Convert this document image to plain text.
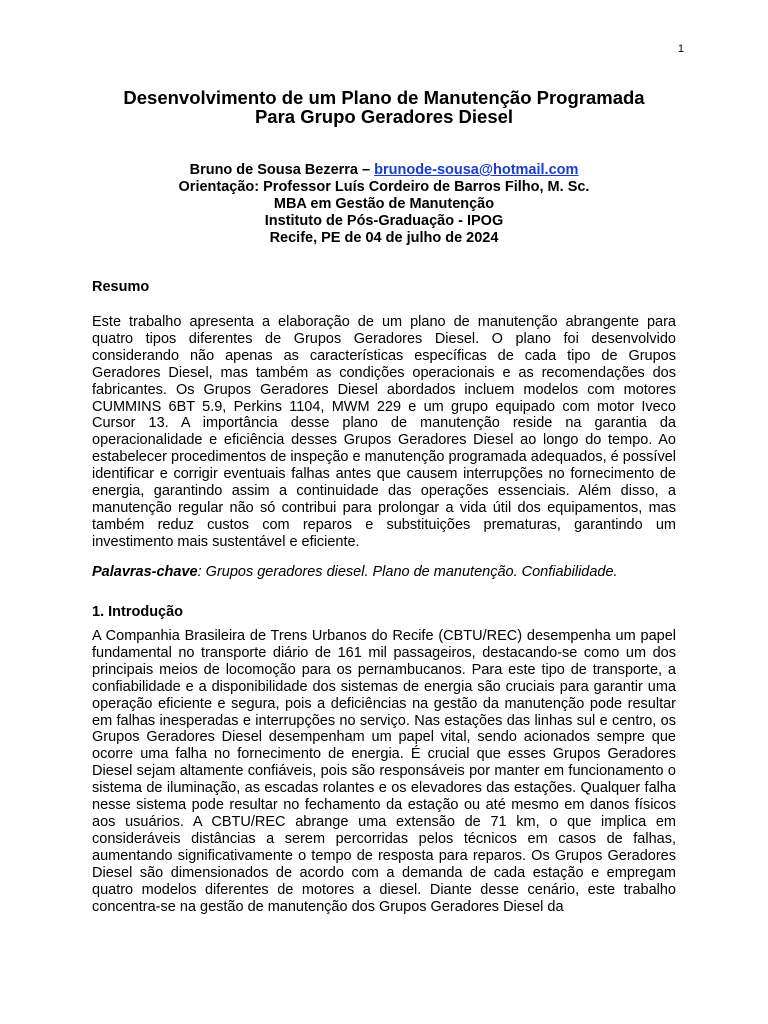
1
Desenvolvimento de um Plano de Manutenção Programada
Para Grupo Geradores Diesel
Bruno de Sousa Bezerra – brunode-sousa@hotmail.com
Orientação: Professor Luís Cordeiro de Barros Filho, M. Sc.
MBA em Gestão de Manutenção
Instituto de Pós-Graduação - IPOG
Recife, PE de 04 de julho de 2024
Resumo

Este trabalho apresenta a elaboração de um plano de manutenção abrangente para quatro tipos diferentes de Grupos Geradores Diesel. O plano foi desenvolvido considerando não apenas as características específicas de cada tipo de Grupos Geradores Diesel, mas também as condições operacionais e as recomendações dos fabricantes. Os Grupos Geradores Diesel abordados incluem modelos com motores CUMMINS 6BT 5.9, Perkins 1104, MWM 229 e um grupo equipado com motor Iveco Cursor 13. A importância desse plano de manutenção reside na garantia da operacionalidade e eficiência desses Grupos Geradores Diesel ao longo do tempo. Ao estabelecer procedimentos de inspeção e manutenção programada adequados, é possível identificar e corrigir eventuais falhas antes que causem interrupções no fornecimento de energia, garantindo assim a continuidade das operações essenciais. Além disso, a manutenção regular não só contribui para prolongar a vida útil dos equipamentos, mas também reduz custos com reparos e substituições prematuras, garantindo um investimento mais sustentável e eficiente.

Palavras-chave: Grupos geradores diesel. Plano de manutenção. Confiabilidade.

1. Introdução

A Companhia Brasileira de Trens Urbanos do Recife (CBTU/REC) desempenha um papel fundamental no transporte diário de 161 mil passageiros, destacando-se como um dos principais meios de locomoção para os pernambucanos. Para este tipo de transporte, a confiabilidade e a disponibilidade dos sistemas de energia são cruciais para garantir uma operação eficiente e segura, pois a deficiências na gestão da manutenção pode resultar em falhas inesperadas e interrupções no serviço. Nas estações das linhas sul e centro, os Grupos Geradores Diesel desempenham um papel vital, sendo acionados sempre que ocorre uma falha no fornecimento de energia. É crucial que esses Grupos Geradores Diesel sejam altamente confiáveis, pois são responsáveis por manter em funcionamento o sistema de iluminação, as escadas rolantes e os elevadores das estações. Qualquer falha nesse sistema pode resultar no fechamento da estação ou até mesmo em danos físicos aos usuários. A CBTU/REC abrange uma extensão de 71 km, o que implica em consideráveis distâncias a serem percorridas pelos técnicos em casos de falhas, aumentando significativamente o tempo de resposta para reparos. Os Grupos Geradores Diesel são dimensionados de acordo com a demanda de cada estação e empregam quatro modelos diferentes de motores a diesel. Diante desse cenário, este trabalho concentra-se na gestão de manutenção dos Grupos Geradores Diesel da
